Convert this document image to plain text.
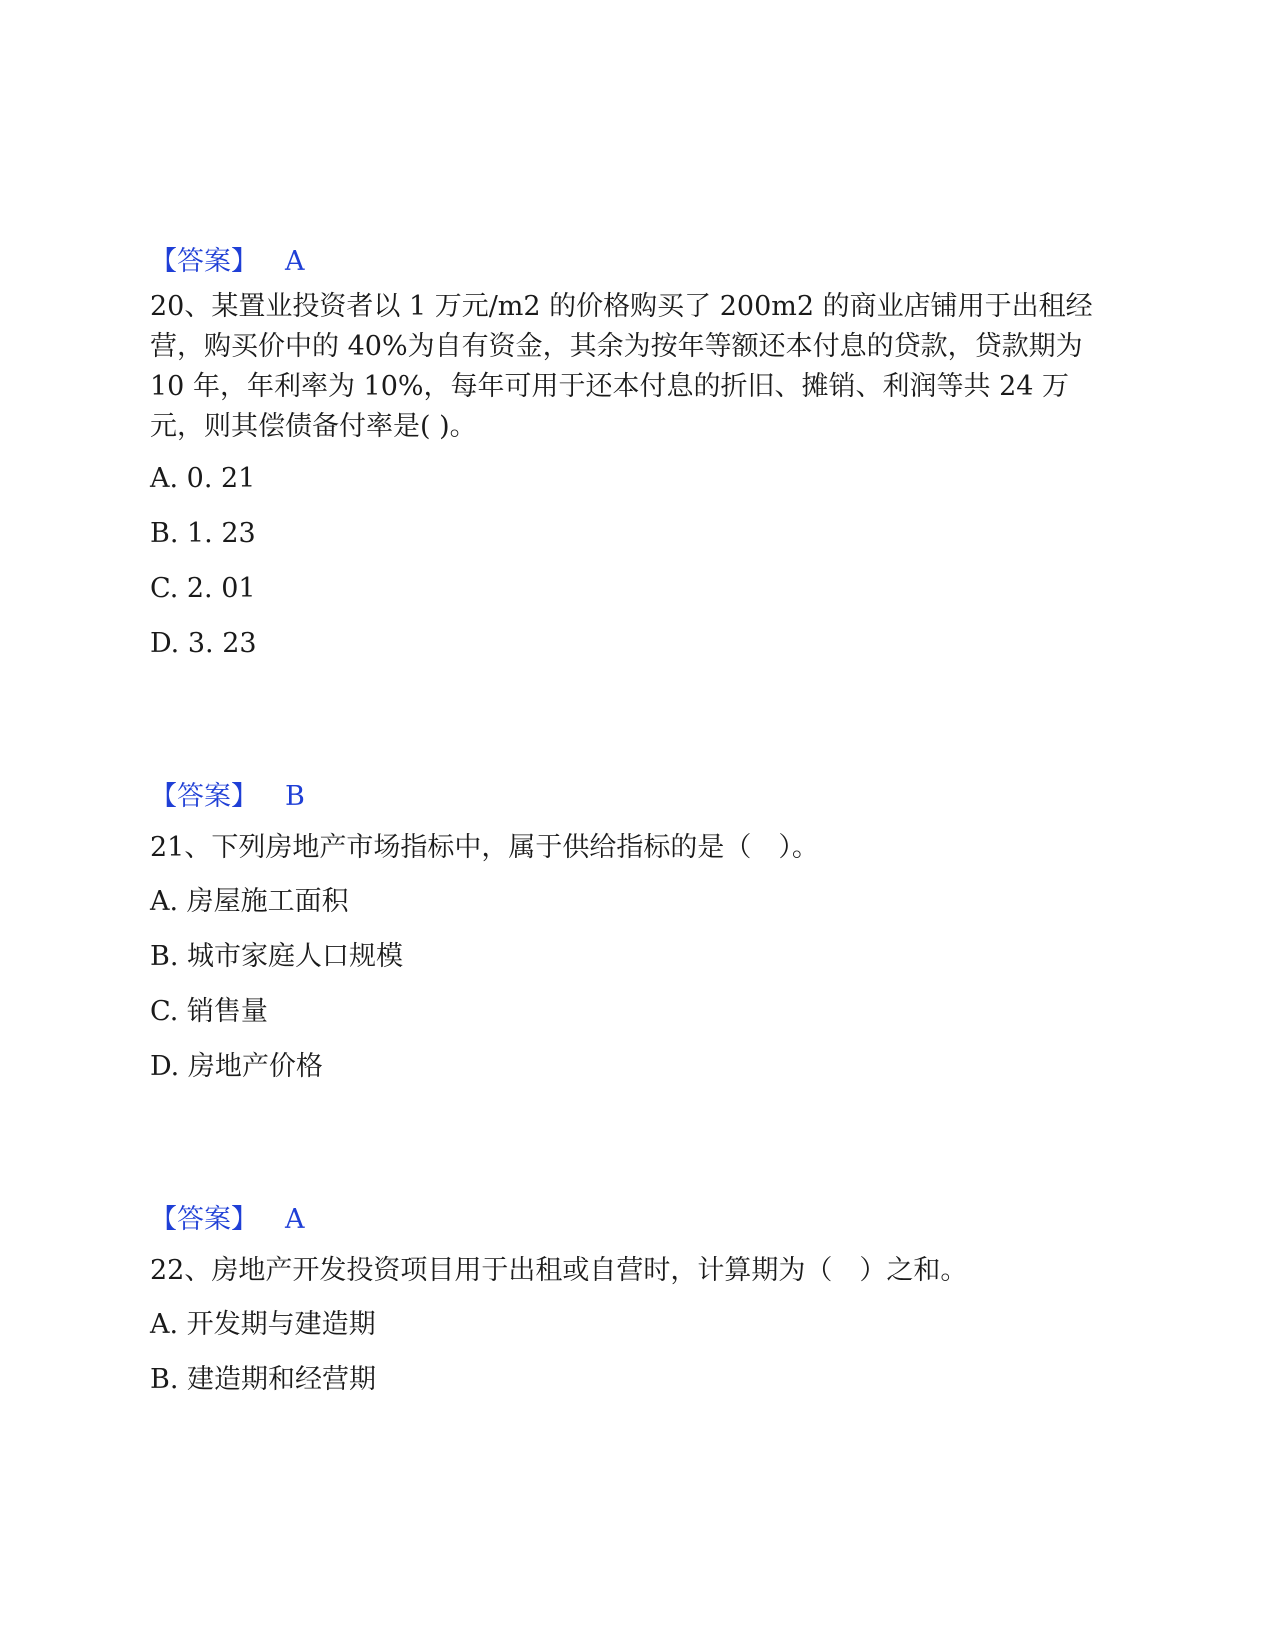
【答案】 A

20、某置业投资者以 1 万元/m2 的价格购买了 200m2 的商业店铺用于出租经营，购买价中的 40%为自有资金，其余为按年等额还本付息的贷款，贷款期为 10 年，年利率为 10%，每年可用于还本付息的折旧、摊销、利润等共 24 万元，则其偿债备付率是( )。

A. 0. 21
B. 1. 23
C. 2. 01
D. 3. 23
【答案】 B

21、下列房地产市场指标中，属于供给指标的是（　）。

A. 房屋施工面积
B. 城市家庭人口规模
C. 销售量
D. 房地产价格
【答案】 A

22、房地产开发投资项目用于出租或自营时，计算期为（　）之和。

A. 开发期与建造期
B. 建造期和经营期
